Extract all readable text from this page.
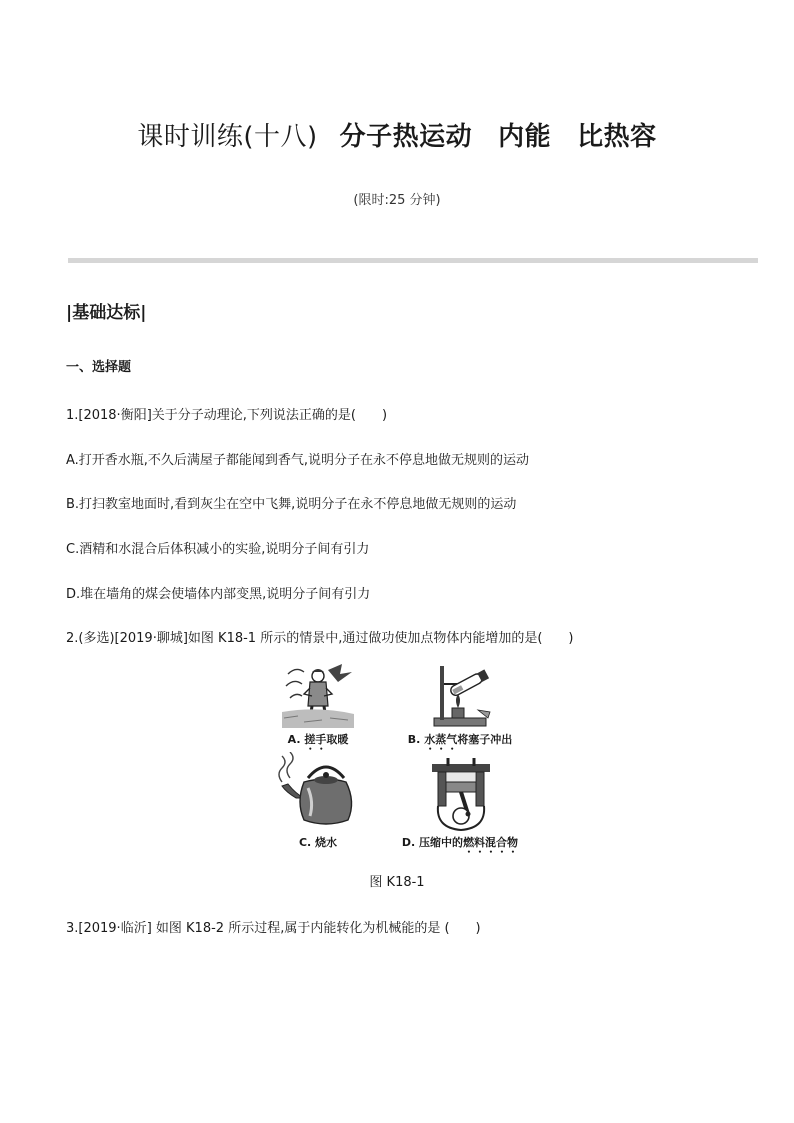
课时训练(十八) 分子热运动 内能 比热容
(限时:25 分钟)
|基础达标|
一、选择题
1.[2018·衡阳]关于分子动理论,下列说法正确的是(　　)
A.打开香水瓶,不久后满屋子都能闻到香气,说明分子在永不停息地做无规则的运动
B.打扫教室地面时,看到灰尘在空中飞舞,说明分子在永不停息地做无规则的运动
C.酒精和水混合后体积减小的实验,说明分子间有引力
D.堆在墙角的煤会使墙体内部变黑,说明分子间有引力
2.(多选)[2019·聊城]如图 K18-1 所示的情景中,通过做功使加点物体内能增加的是(　　)
A. 搓手取暖	B. 水蒸气将塞子冲出
C. 烧水	D. 压缩中的燃料混合物
图 K18-1
3.[2019·临沂] 如图 K18-2 所示过程,属于内能转化为机械能的是 (　　)
